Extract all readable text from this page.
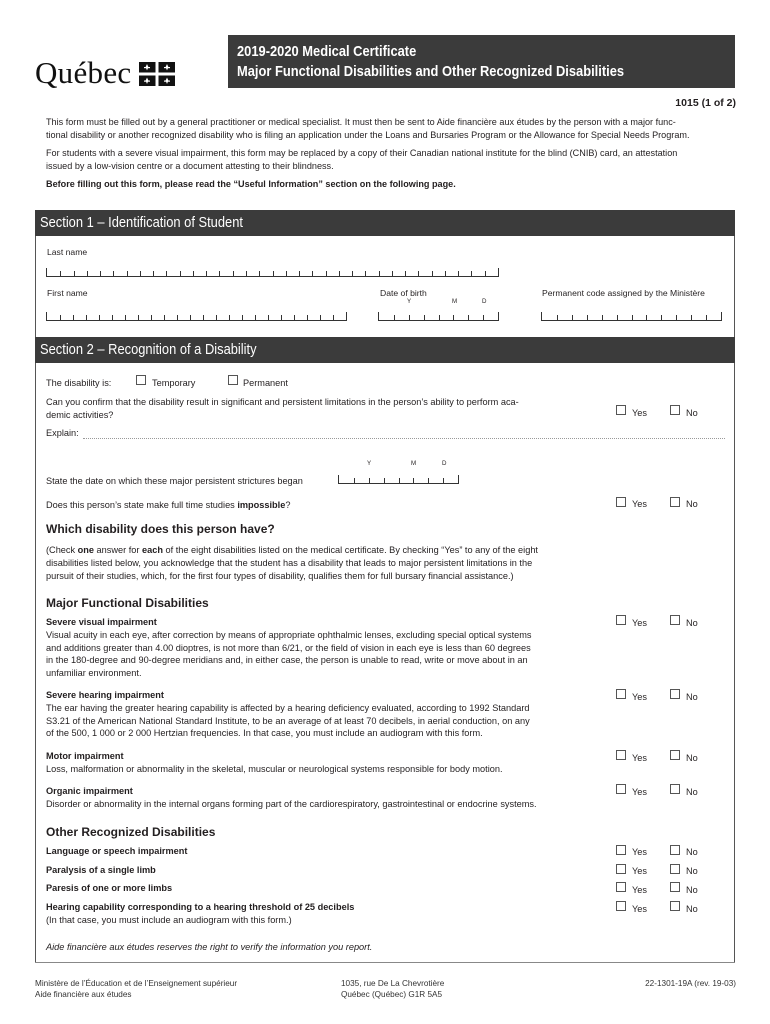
Québec
2019-2020 Medical Certificate
Major Functional Disabilities and Other Recognized Disabilities
1015 (1 of 2)
This form must be filled out by a general practitioner or medical specialist. It must then be sent to Aide financière aux études by the person with a major func-
tional disability or another recognized disability who is filing an application under the Loans and Bursaries Program or the Allowance for Special Needs Program.
For students with a severe visual impairment, this form may be replaced by a copy of their Canadian national institute for the blind (CNIB) card, an attestation
issued by a low-vision centre or a document attesting to their blindness.
Before filling out this form, please read the “Useful Information” section on the following page.
Section 1 – Identification of Student
Last name
First name	Date of birth
Y	M	D
Permanent code assigned by the Ministère
Section 2 – Recognition of a Disability
The disability is:	Temporary	Permanent
Can you confirm that the disability result in significant and persistent limitations in the person’s ability to perform aca-
demic activities?	Yes	No
Explain:
Y	M	D
State the date on which these major persistent strictures began
Does this person’s state make full time studies impossible?	Yes	No
Which disability does this person have?
(Check one answer for each of the eight disabilities listed on the medical certificate. By checking “Yes” to any of the eight
disabilities listed below, you acknowledge that the student has a disability that leads to major persistent limitations in the
pursuit of their studies, which, for the first four types of disability, qualifies them for full bursary financial assistance.)
Major Functional Disabilities
Severe visual impairment
Visual acuity in each eye, after correction by means of appropriate ophthalmic lenses, excluding special optical systems
and additions greater than 4.00 dioptres, is not more than 6/21, or the field of vision in each eye is less than 60 degrees
in the 180-degree and 90-degree meridians and, in either case, the person is unable to read, write or move about in an
unfamiliar environment.
Yes	No
Severe hearing impairment
The ear having the greater hearing capability is affected by a hearing deficiency evaluated, according to 1992 Standard
S3.21 of the American National Standard Institute, to be an average of at least 70 decibels, in aerial conduction, on any
of the 500, 1 000 or 2 000 Hertzian frequencies. In that case, you must include an audiogram with this form.
Yes	No
Motor impairment
Loss, malformation or abnormality in the skeletal, muscular or neurological systems responsible for body motion.
Yes	No
Organic impairment
Disorder or abnormality in the internal organs forming part of the cardiorespiratory, gastrointestinal or endocrine systems.
Yes	No
Other Recognized Disabilities
Language or speech impairment	Yes	No
Paralysis of a single limb	Yes	No
Paresis of one or more limbs	Yes	No
Hearing capability corresponding to a hearing threshold of 25 decibels
(In that case, you must include an audiogram with this form.)
Yes	No
Aide financière aux études reserves the right to verify the information you report.
Ministère de l’Éducation et de l’Enseignement supérieur
Aide financière aux études
1035, rue De La Chevrotière
Québec (Québec) G1R 5A5
22-1301-19A (rev. 19-03)
